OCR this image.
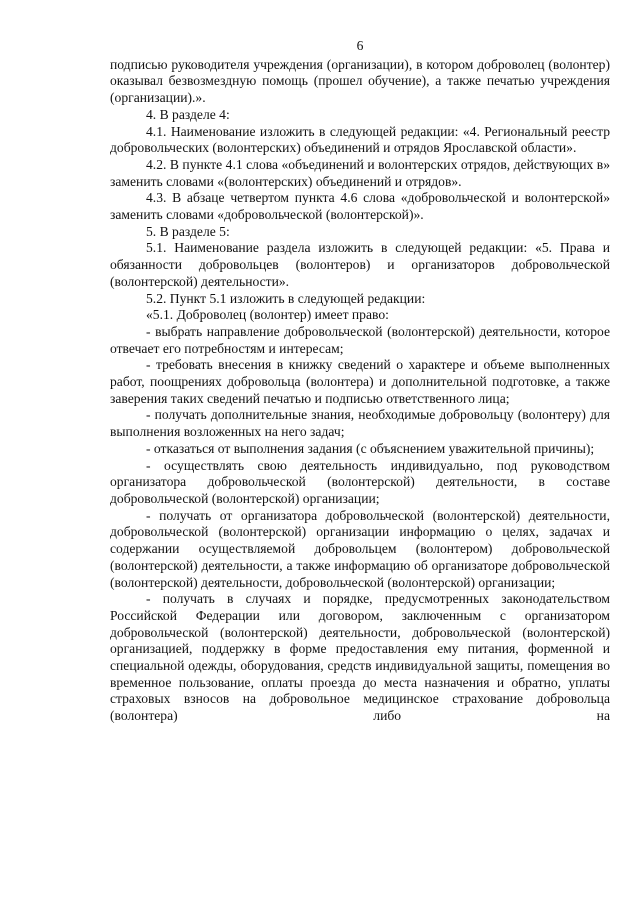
6

подписью руководителя учреждения (организации), в котором доброволец (волонтер) оказывал безвозмездную помощь (прошел обучение), а также печатью учреждения (организации).».

4. В разделе 4:

4.1. Наименование изложить в следующей редакции: «4. Региональный реестр добровольческих (волонтерских) объединений и отрядов Ярославской области».

4.2. В пункте 4.1 слова «объединений и волонтерских отрядов, действующих в» заменить словами «(волонтерских) объединений и отрядов».

4.3. В абзаце четвертом пункта 4.6 слова «добровольческой и волонтерской» заменить словами «добровольческой (волонтерской)».

5. В разделе 5:

5.1. Наименование раздела изложить в следующей редакции: «5. Права и обязанности добровольцев (волонтеров) и организаторов добровольческой (волонтерской) деятельности».

5.2. Пункт 5.1 изложить в следующей редакции:

«5.1. Доброволец (волонтер) имеет право:

- выбрать направление добровольческой (волонтерской) деятельности, которое отвечает его потребностям и интересам;

- требовать внесения в книжку сведений о характере и объеме выполненных работ, поощрениях добровольца (волонтера) и дополнительной подготовке, а также заверения таких сведений печатью и подписью ответственного лица;

- получать дополнительные знания, необходимые добровольцу (волонтеру) для выполнения возложенных на него задач;

- отказаться от выполнения задания (с объяснением уважительной причины);

- осуществлять свою деятельность индивидуально, под руководством организатора добровольческой (волонтерской) деятельности, в составе добровольческой (волонтерской) организации;

- получать от организатора добровольческой (волонтерской) деятельности, добровольческой (волонтерской) организации информацию о целях, задачах и содержании осуществляемой добровольцем (волонтером) добровольческой (волонтерской) деятельности, а также информацию об организаторе добровольческой (волонтерской) деятельности, добровольческой (волонтерской) организации;

- получать в случаях и порядке, предусмотренных законодательством Российской Федерации или договором, заключенным с организатором добровольческой (волонтерской) деятельности, добровольческой (волонтерской) организацией, поддержку в форме предоставления ему питания, форменной и специальной одежды, оборудования, средств индивидуальной защиты, помещения во временное пользование, оплаты проезда до места назначения и обратно, уплаты страховых взносов на добровольное медицинское страхование добровольца (волонтера) либо на
